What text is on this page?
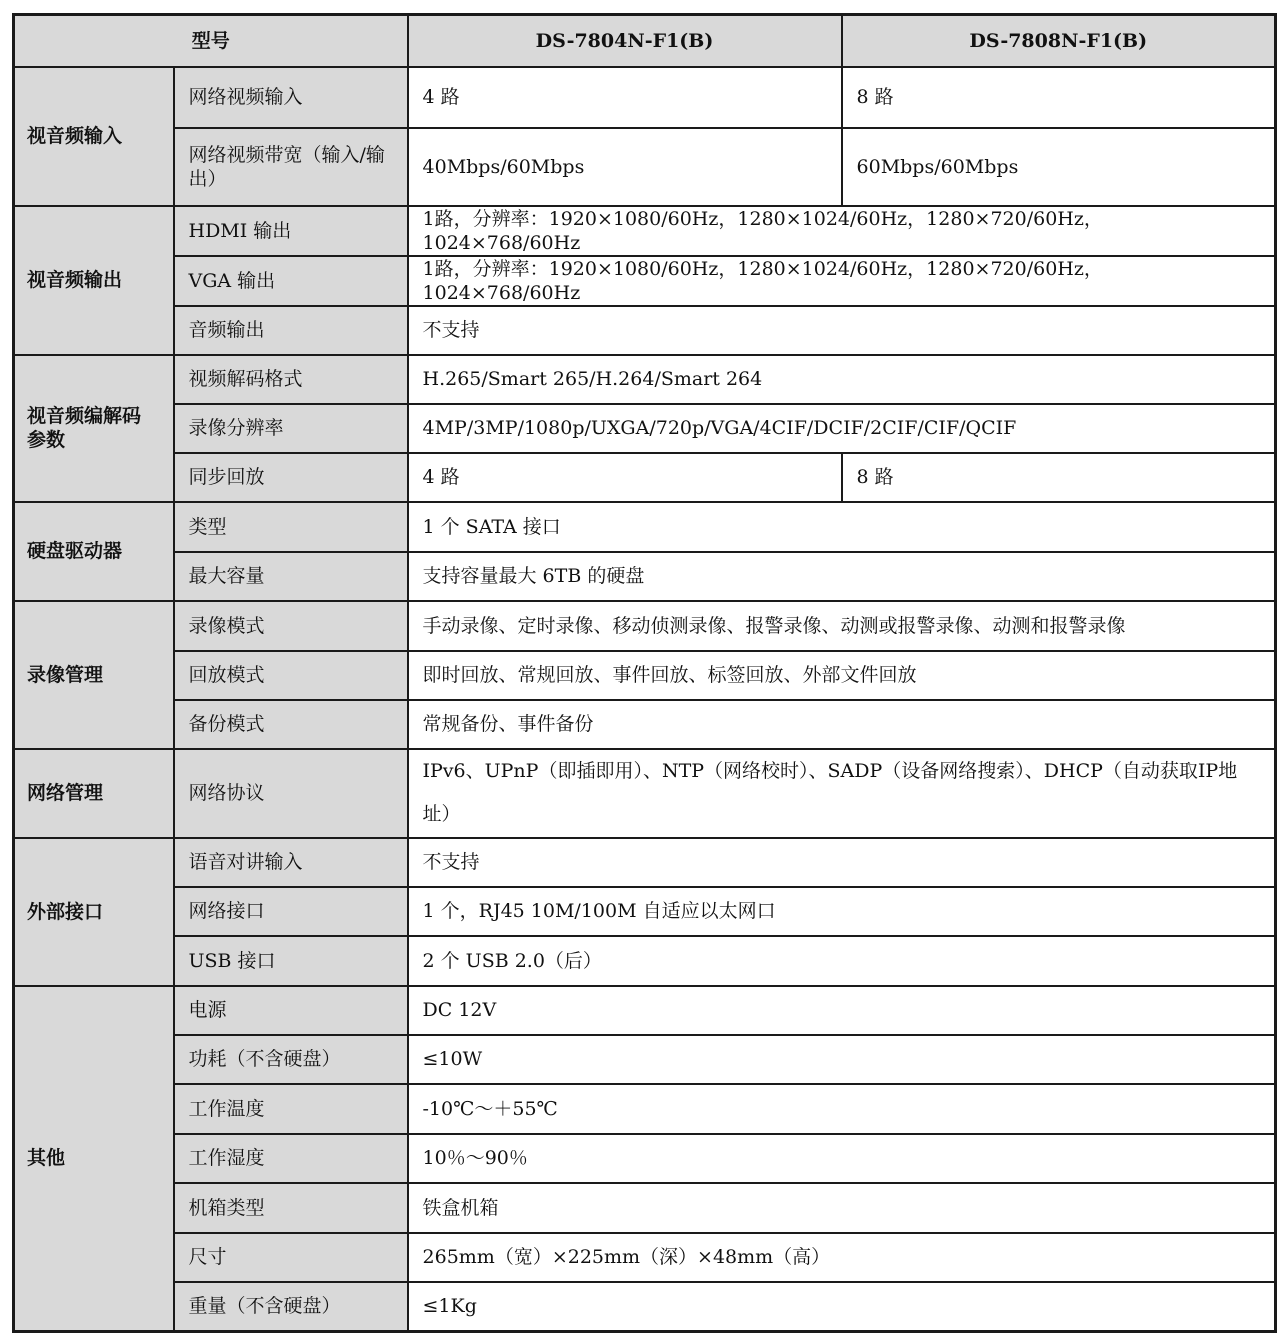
型号		DS-7804N-F1(B)	DS-7808N-F1(B)
视音频输入	网络视频输入	4 路	8 路
	网络视频带宽（输入/输出）	40Mbps/60Mbps	60Mbps/60Mbps
视音频输出	HDMI 输出	1路，分辨率：1920×1080/60Hz，1280×1024/60Hz，1280×720/60Hz，1024×768/60Hz	
	VGA 输出	1路，分辨率：1920×1080/60Hz，1280×1024/60Hz，1280×720/60Hz，1024×768/60Hz	
	音频输出	不支持	
视音频编解码参数	视频解码格式	H.265/Smart 265/H.264/Smart 264	
	录像分辨率	4MP/3MP/1080p/UXGA/720p/VGA/4CIF/DCIF/2CIF/CIF/QCIF	
	同步回放	4 路	8 路
硬盘驱动器	类型	1 个 SATA 接口	
	最大容量	支持容量最大 6TB 的硬盘	
录像管理	录像模式	手动录像、定时录像、移动侦测录像、报警录像、动测或报警录像、动测和报警录像	
	回放模式	即时回放、常规回放、事件回放、标签回放、外部文件回放	
	备份模式	常规备份、事件备份	
网络管理	网络协议	IPv6、UPnP（即插即用）、NTP（网络校时）、SADP（设备网络搜索）、DHCP（自动获取IP地址）	
外部接口	语音对讲输入	不支持	
	网络接口	1 个，RJ45 10M/100M 自适应以太网口	
	USB 接口	2 个 USB 2.0（后）	
其他	电源	DC 12V	
	功耗（不含硬盘）	≤10W	
	工作温度	-10℃～＋55℃	
	工作湿度	10％～90％	
	机箱类型	铁盒机箱	
	尺寸	265mm（宽）×225mm（深）×48mm（高）	
	重量（不含硬盘）	≤1Kg	
